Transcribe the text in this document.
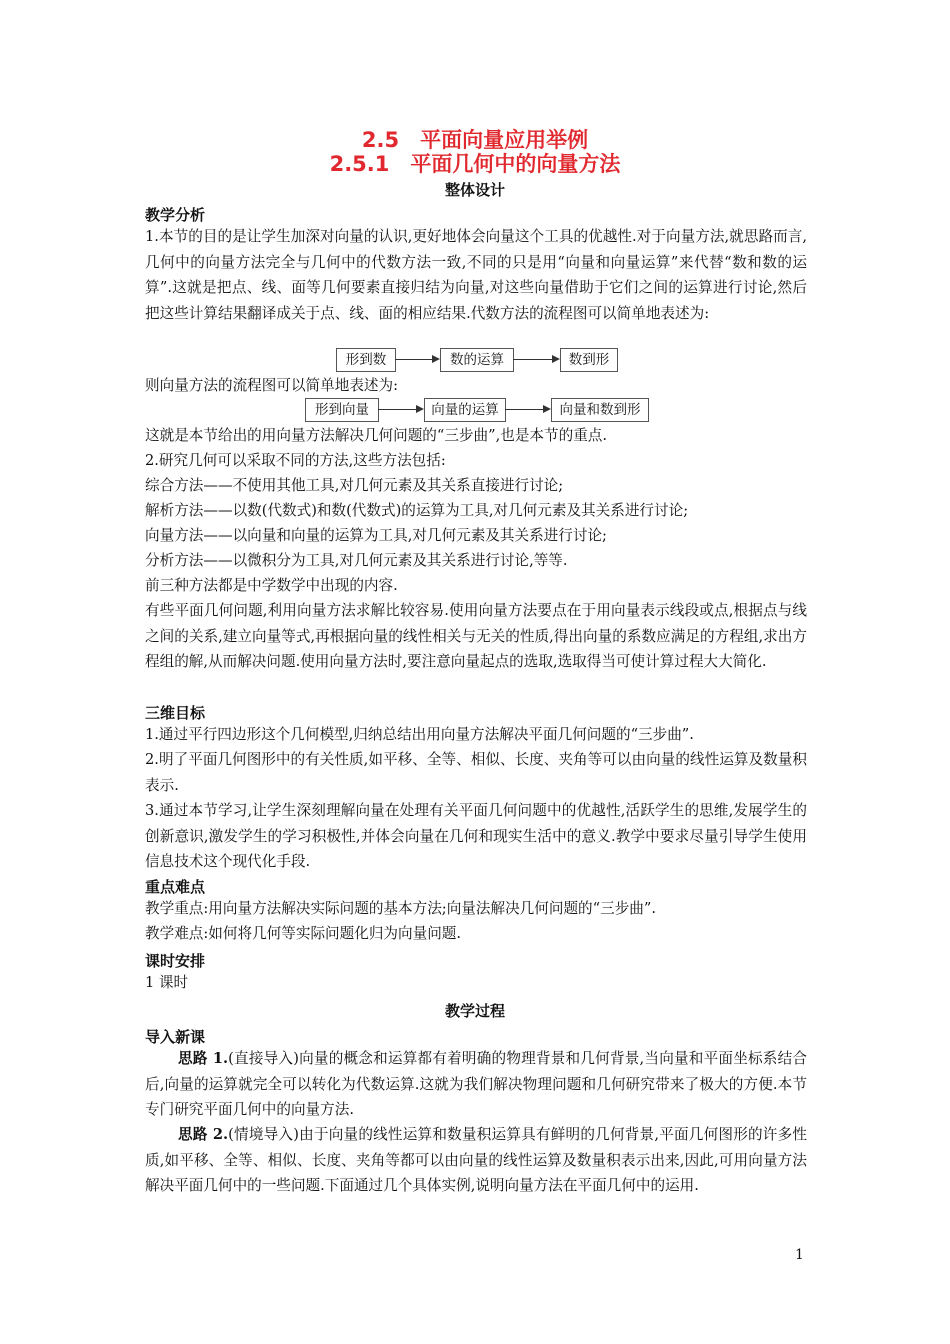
2.5　平面向量应用举例
2.5.1　平面几何中的向量方法
整体设计
教学分析
1.本节的目的是让学生加深对向量的认识,更好地体会向量这个工具的优越性.对于向量方法,就思路而言,几何中的向量方法完全与几何中的代数方法一致,不同的只是用“向量和向量运算”来代替“数和数的运算”.这就是把点、线、面等几何要素直接归结为向量,对这些向量借助于它们之间的运算进行讨论,然后把这些计算结果翻译成关于点、线、面的相应结果.代数方法的流程图可以简单地表述为:
形到数	数的运算	数到形
则向量方法的流程图可以简单地表述为:
形到向量	向量的运算	向量和数到形
这就是本节给出的用向量方法解决几何问题的“三步曲”,也是本节的重点.
2.研究几何可以采取不同的方法,这些方法包括:
综合方法——不使用其他工具,对几何元素及其关系直接进行讨论;
解析方法——以数(代数式)和数(代数式)的运算为工具,对几何元素及其关系进行讨论;
向量方法——以向量和向量的运算为工具,对几何元素及其关系进行讨论;
分析方法——以微积分为工具,对几何元素及其关系进行讨论,等等.
前三种方法都是中学数学中出现的内容.
有些平面几何问题,利用向量方法求解比较容易.使用向量方法要点在于用向量表示线段或点,根据点与线之间的关系,建立向量等式,再根据向量的线性相关与无关的性质,得出向量的系数应满足的方程组,求出方程组的解,从而解决问题.使用向量方法时,要注意向量起点的选取,选取得当可使计算过程大大简化.
三维目标
1.通过平行四边形这个几何模型,归纳总结出用向量方法解决平面几何问题的“三步曲”.
2.明了平面几何图形中的有关性质,如平移、全等、相似、长度、夹角等可以由向量的线性运算及数量积表示.
3.通过本节学习,让学生深刻理解向量在处理有关平面几何问题中的优越性,活跃学生的思维,发展学生的创新意识,激发学生的学习积极性,并体会向量在几何和现实生活中的意义.教学中要求尽量引导学生使用信息技术这个现代化手段.
重点难点
教学重点:用向量方法解决实际问题的基本方法;向量法解决几何问题的“三步曲”.
教学难点:如何将几何等实际问题化归为向量问题.
课时安排
1 课时
教学过程
导入新课
思路 1.(直接导入)向量的概念和运算都有着明确的物理背景和几何背景,当向量和平面坐标系结合后,向量的运算就完全可以转化为代数运算.这就为我们解决物理问题和几何研究带来了极大的方便.本节专门研究平面几何中的向量方法.
思路 2.(情境导入)由于向量的线性运算和数量积运算具有鲜明的几何背景,平面几何图形的许多性质,如平移、全等、相似、长度、夹角等都可以由向量的线性运算及数量积表示出来,因此,可用向量方法解决平面几何中的一些问题.下面通过几个具体实例,说明向量方法在平面几何中的运用.
1
